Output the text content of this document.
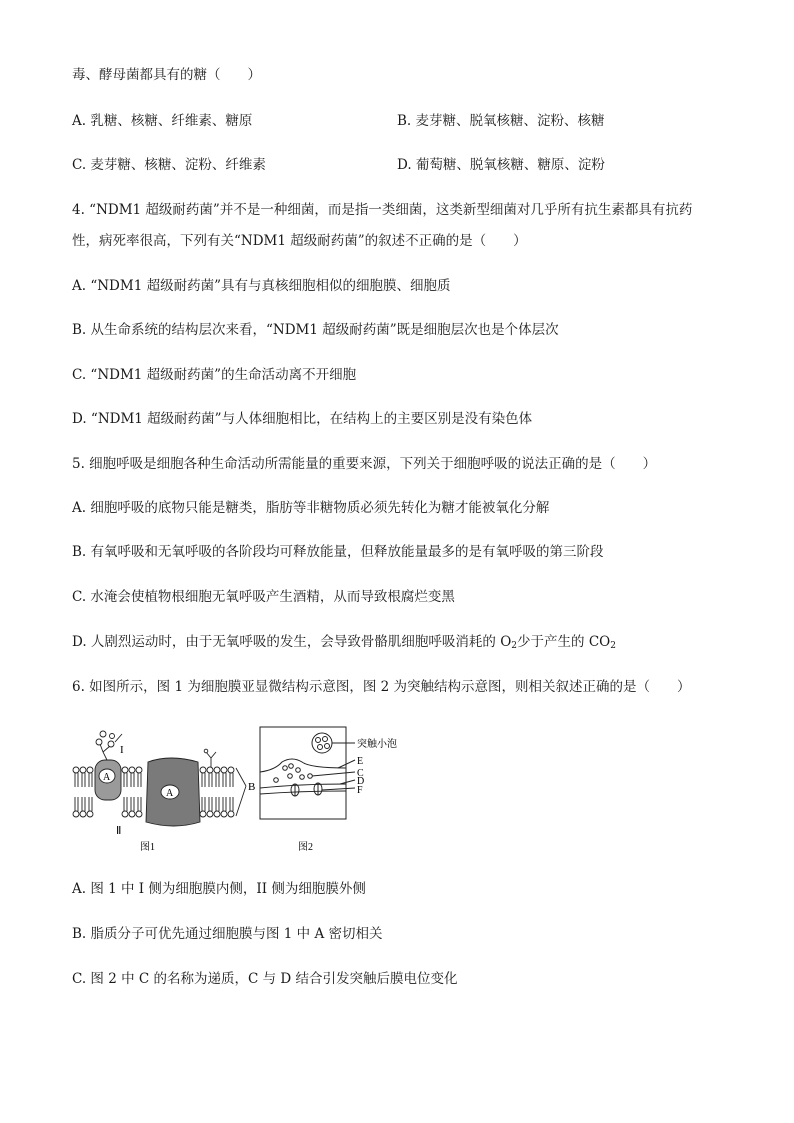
毒、酵母菌都具有的糖（　　）
A. 乳糖、核糖、纤维素、糖原	B. 麦芽糖、脱氧核糖、淀粉、核糖
C. 麦芽糖、核糖、淀粉、纤维素	D. 葡萄糖、脱氧核糖、糖原、淀粉
4. “NDM1 超级耐药菌”并不是一种细菌，而是指一类细菌，这类新型细菌对几乎所有抗生素都具有抗药
性，病死率很高，下列有关“NDM1 超级耐药菌”的叙述不正确的是（　　）
A. “NDM1 超级耐药菌”具有与真核细胞相似的细胞膜、细胞质
B. 从生命系统的结构层次来看，“NDM1 超级耐药菌”既是细胞层次也是个体层次
C. “NDM1 超级耐药菌”的生命活动离不开细胞
D. “NDM1 超级耐药菌”与人体细胞相比，在结构上的主要区别是没有染色体
5. 细胞呼吸是细胞各种生命活动所需能量的重要来源，下列关于细胞呼吸的说法正确的是（　　）
A. 细胞呼吸的底物只能是糖类，脂肪等非糖物质必须先转化为糖才能被氧化分解
B. 有氧呼吸和无氧呼吸的各阶段均可释放能量，但释放能量最多的是有氧呼吸的第三阶段
C. 水淹会使植物根细胞无氧呼吸产生酒精，从而导致根腐烂变黑
D. 人剧烈运动时，由于无氧呼吸的发生，会导致骨骼肌细胞呼吸消耗的 $O_2$少于产生的 $CO_2$
6. 如图所示，图 1 为细胞膜亚显微结构示意图，图 2 为突触结构示意图，则相关叙述正确的是（　　）
I
A
A
B
Ⅱ
图1
突触小泡
E
C
D
F
图2
A. 图 1 中 I 侧为细胞膜内侧，II 侧为细胞膜外侧
B. 脂质分子可优先通过细胞膜与图 1 中 A 密切相关
C. 图 2 中 C 的名称为递质，C 与 D 结合引发突触后膜电位变化
